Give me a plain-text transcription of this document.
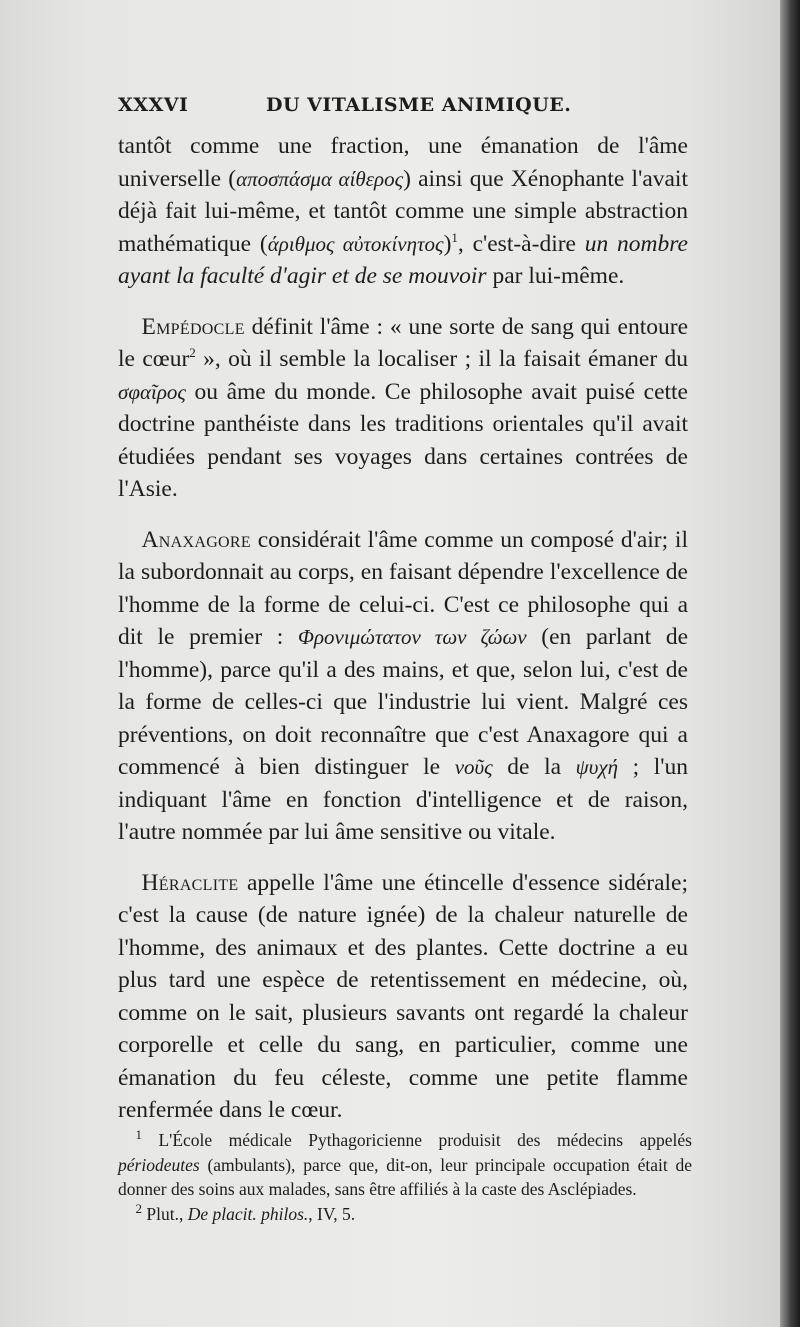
XXXVI	DU VITALISME ANIMIQUE.

tantôt comme une fraction, une émanation de l'âme universelle (αποσπάσμα αίθερος) ainsi que Xénophante l'avait déjà fait lui-même, et tantôt comme une simple abstraction mathématique (άριθμος αὐτοκίνητος)$^1$, c'est-à-dire un nombre ayant la faculté d'agir et de se mouvoir par lui-même.

 Empédocle définit l'âme : « une sorte de sang qui entoure le cœur$^2$ », où il semble la localiser ; il la faisait émaner du σφαῖρος ou âme du monde. Ce philosophe avait puisé cette doctrine panthéiste dans les traditions orientales qu'il avait étudiées pendant ses voyages dans certaines contrées de l'Asie.

 Anaxagore considérait l'âme comme un composé d'air; il la subordonnait au corps, en faisant dépendre l'excellence de l'homme de la forme de celui-ci. C'est ce philosophe qui a dit le premier : Φρονιμώτατον των ζώων (en parlant de l'homme), parce qu'il a des mains, et que, selon lui, c'est de la forme de celles-ci que l'industrie lui vient. Malgré ces préventions, on doit reconnaître que c'est Anaxagore qui a commencé à bien distinguer le νοῦς de la ψυχή ; l'un indiquant l'âme en fonction d'intelligence et de raison, l'autre nommée par lui âme sensitive ou vitale.

 Héraclite appelle l'âme une étincelle d'essence sidérale; c'est la cause (de nature ignée) de la chaleur naturelle de l'homme, des animaux et des plantes. Cette doctrine a eu plus tard une espèce de retentissement en médecine, où, comme on le sait, plusieurs savants ont regardé la chaleur corporelle et celle du sang, en particulier, comme une émanation du feu céleste, comme une petite flamme renfermée dans le cœur.

 $^1$ L'École médicale Pythagoricienne produisit des médecins appelés périodeutes (ambulants), parce que, dit-on, leur principale occupation était de donner des soins aux malades, sans être affiliés à la caste des Asclépiades.

 $^2$ Plut., De placit. philos., IV, 5.
